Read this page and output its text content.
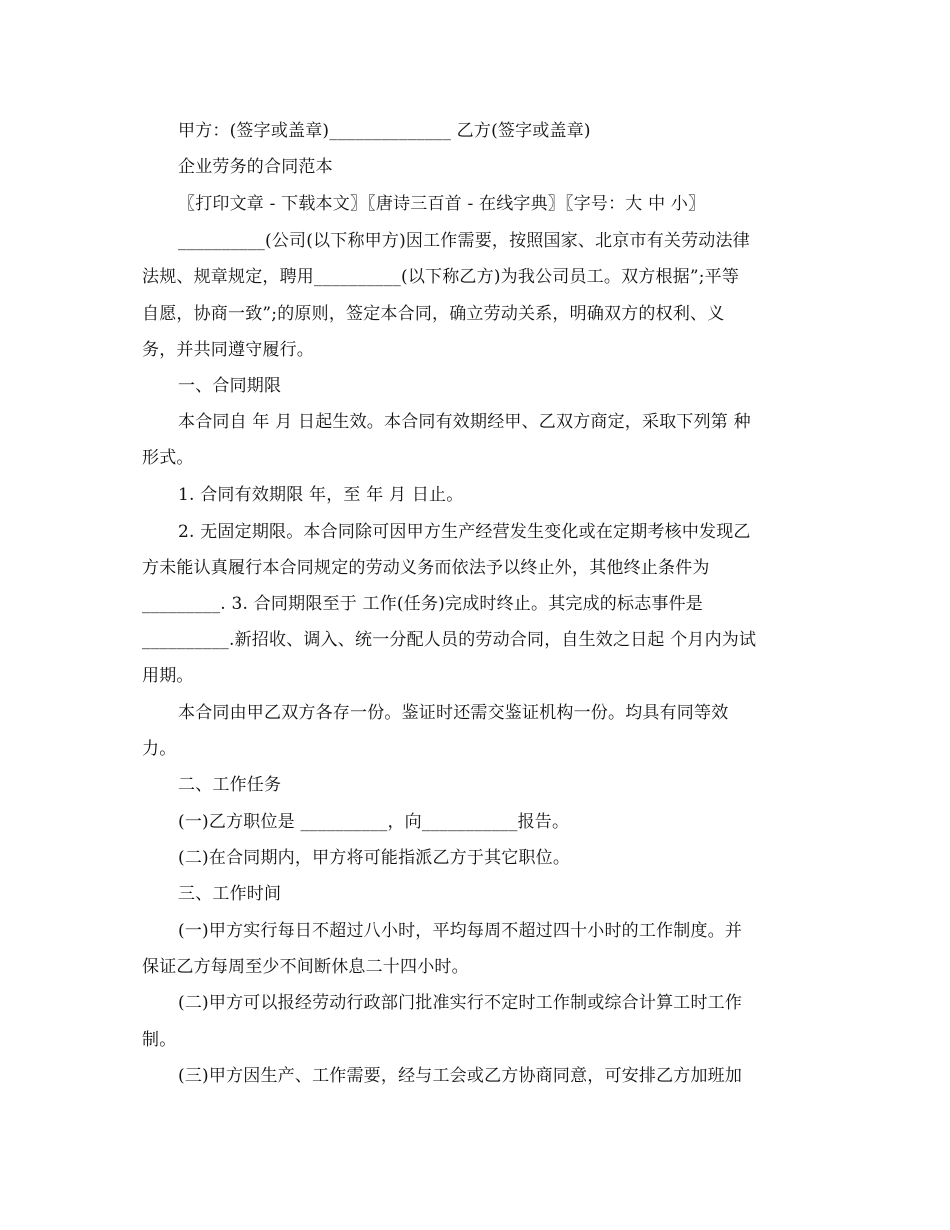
甲方：(签字或盖章)______________ 乙方(签字或盖章)
企业劳务的合同范本
〖打印文章 - 下载本文〗〖唐诗三百首 - 在线字典〗〖字号：大 中 小〗
__________(公司(以下称甲方)因工作需要，按照国家、北京市有关劳动法律
法规、规章规定，聘用__________(以下称乙方)为我公司员工。双方根据”;平等
自愿，协商一致”;的原则，签定本合同，确立劳动关系，明确双方的权利、义
务，并共同遵守履行。
一、合同期限
本合同自 年 月 日起生效。本合同有效期经甲、乙双方商定，采取下列第 种
形式。
1. 合同有效期限 年，至 年 月 日止。
2. 无固定期限。本合同除可因甲方生产经营发生变化或在定期考核中发现乙
方未能认真履行本合同规定的劳动义务而依法予以终止外，其他终止条件为
_________. 3. 合同期限至于 工作(任务)完成时终止。其完成的标志事件是
__________.新招收、调入、统一分配人员的劳动合同，自生效之日起 个月内为试
用期。
本合同由甲乙双方各存一份。鉴证时还需交鉴证机构一份。均具有同等效
力。
二、工作任务
(一)乙方职位是 __________，向___________报告。
(二)在合同期内，甲方将可能指派乙方于其它职位。
三、工作时间
(一)甲方实行每日不超过八小时，平均每周不超过四十小时的工作制度。并
保证乙方每周至少不间断休息二十四小时。
(二)甲方可以报经劳动行政部门批准实行不定时工作制或综合计算工时工作
制。
(三)甲方因生产、工作需要，经与工会或乙方协商同意，可安排乙方加班加
